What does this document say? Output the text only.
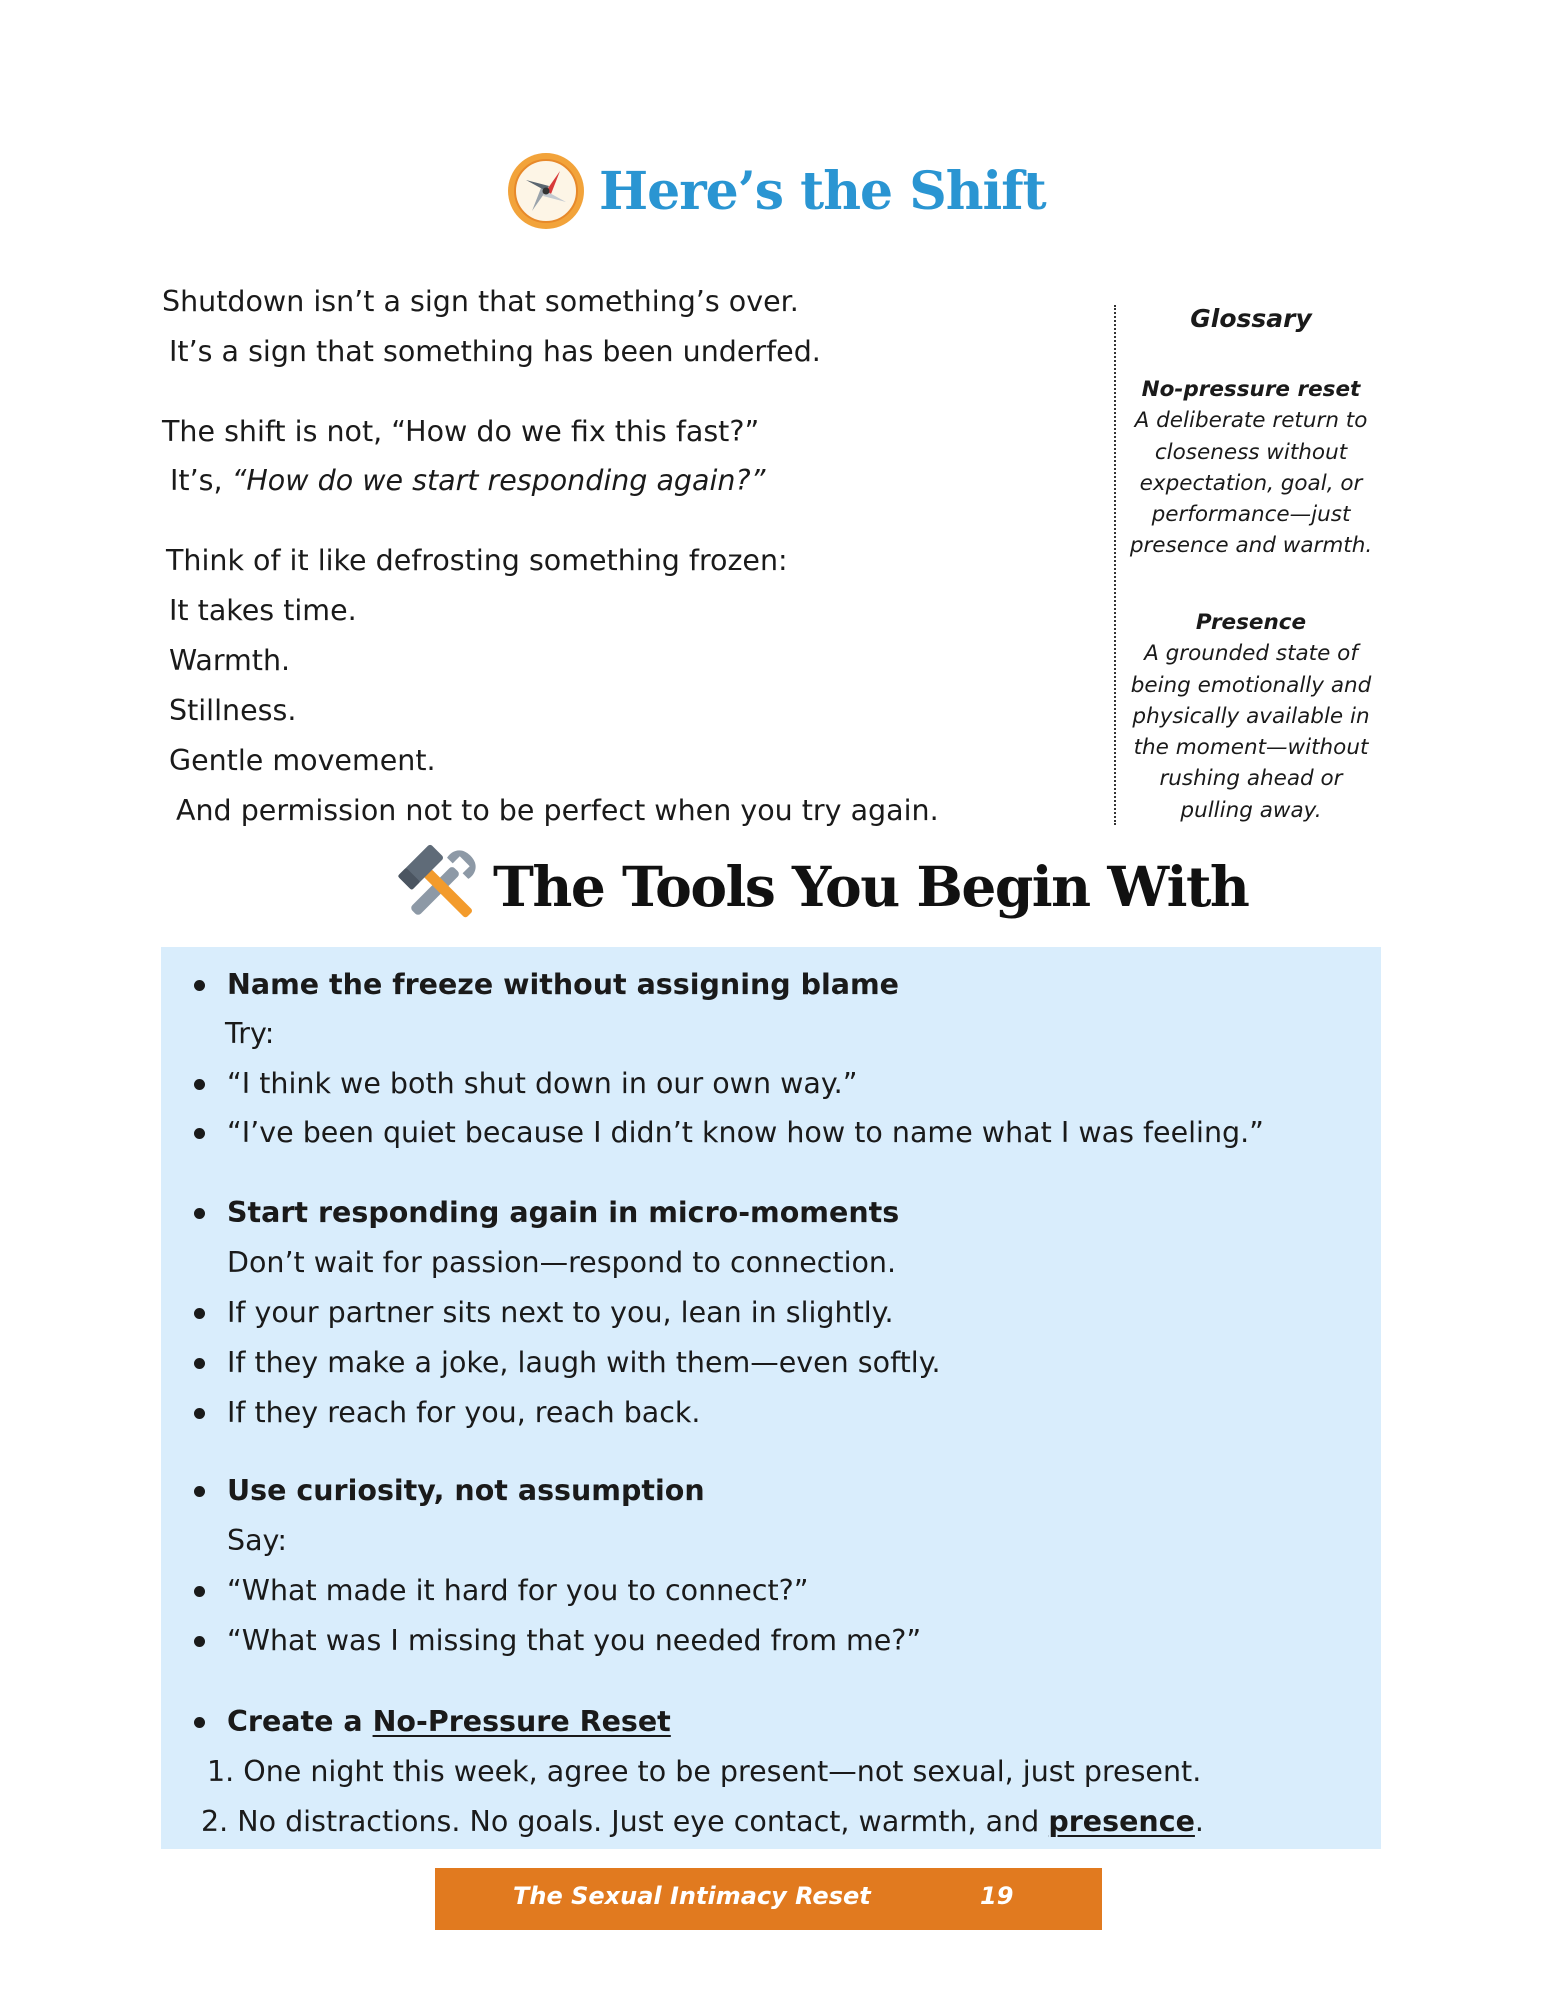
Here’s the Shift
Shutdown isn’t a sign that something’s over.
It’s a sign that something has been underfed.
The shift is not, “How do we fix this fast?”
It’s, “How do we start responding again?”
Think of it like defrosting something frozen:
It takes time.
Warmth.
Stillness.
Gentle movement.
And permission not to be perfect when you try again.
Glossary
No-pressure reset
A deliberate return to
closeness without
expectation, goal, or
performance—just
presence and warmth.
Presence
A grounded state of
being emotionally and
physically available in
the moment—without
rushing ahead or
pulling away.
The Tools You Begin With
Name the freeze without assigning blame
Try:
“I think we both shut down in our own way.”
“I’ve been quiet because I didn’t know how to name what I was feeling.”
Start responding again in micro-moments
Don’t wait for passion—respond to connection.
If your partner sits next to you, lean in slightly.
If they make a joke, laugh with them—even softly.
If they reach for you, reach back.
Use curiosity, not assumption
Say:
“What made it hard for you to connect?”
“What was I missing that you needed from me?”
Create a No-Pressure Reset
1. One night this week, agree to be present—not sexual, just present.
2. No distractions. No goals. Just eye contact, warmth, and presence.
The Sexual Intimacy Reset	19
